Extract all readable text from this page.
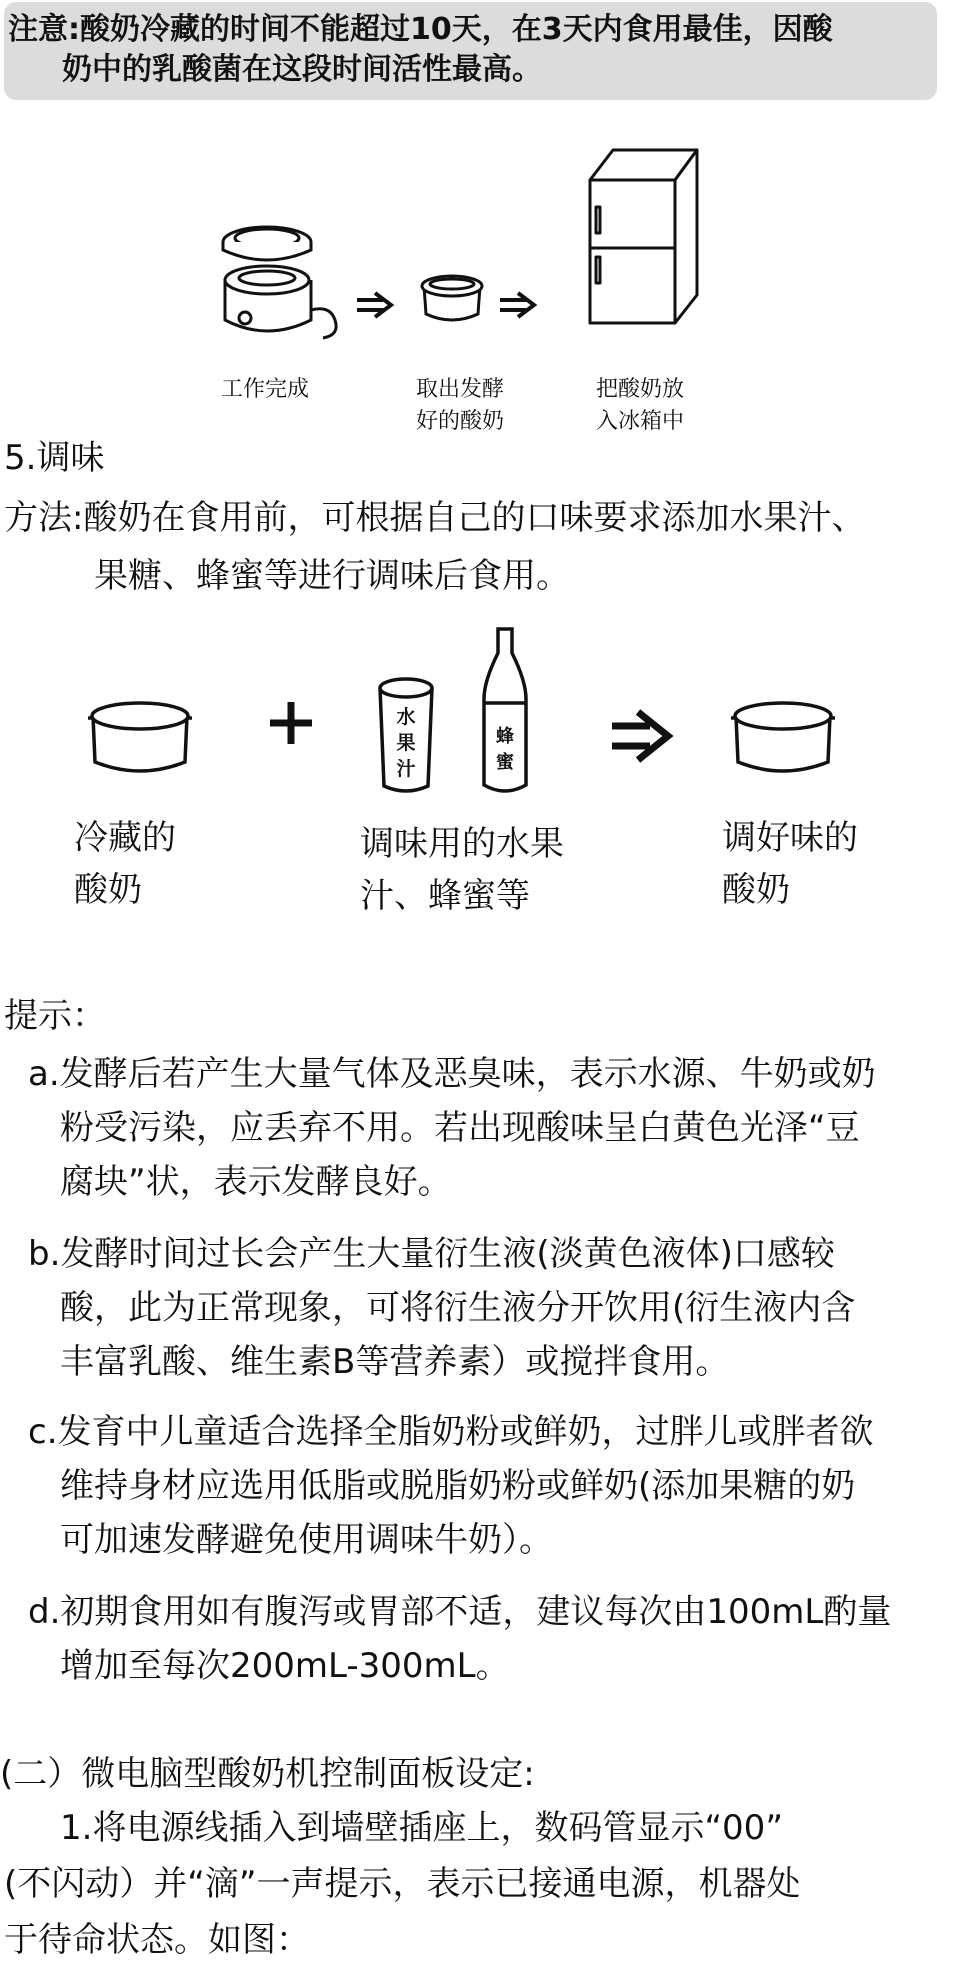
注意:酸奶冷藏的时间不能超过10天，在3天内食用最佳，因酸
奶中的乳酸菌在这段时间活性最高。
工作完成	取出发酵
好的酸奶
把酸奶放
入冰箱中
5.调味
方法:酸奶在食用前，可根据自己的口味要求添加水果汁、
果糖、蜂蜜等进行调味后食用。
水果汁
蜂蜜
冷藏的
酸奶
调味用的水果
汁、蜂蜜等
调好味的
酸奶
提示：
a.发酵后若产生大量气体及恶臭味，表示水源、牛奶或奶
粉受污染，应丢弃不用。若出现酸味呈白黄色光泽“豆
腐块”状，表示发酵良好。
b.发酵时间过长会产生大量衍生液(淡黄色液体)口感较
酸，此为正常现象，可将衍生液分开饮用(衍生液内含
丰富乳酸、维生素B等营养素）或搅拌食用。
c.发育中儿童适合选择全脂奶粉或鲜奶，过胖儿或胖者欲
维持身材应选用低脂或脱脂奶粉或鲜奶(添加果糖的奶
可加速发酵避免使用调味牛奶）。
d.初期食用如有腹泻或胃部不适，建议每次由100mL酌量
增加至每次200mL-300mL。
(二）微电脑型酸奶机控制面板设定:
1.将电源线插入到墙壁插座上，数码管显示“00”
(不闪动）并“滴”一声提示，表示已接通电源，机器处
于待命状态。如图：
